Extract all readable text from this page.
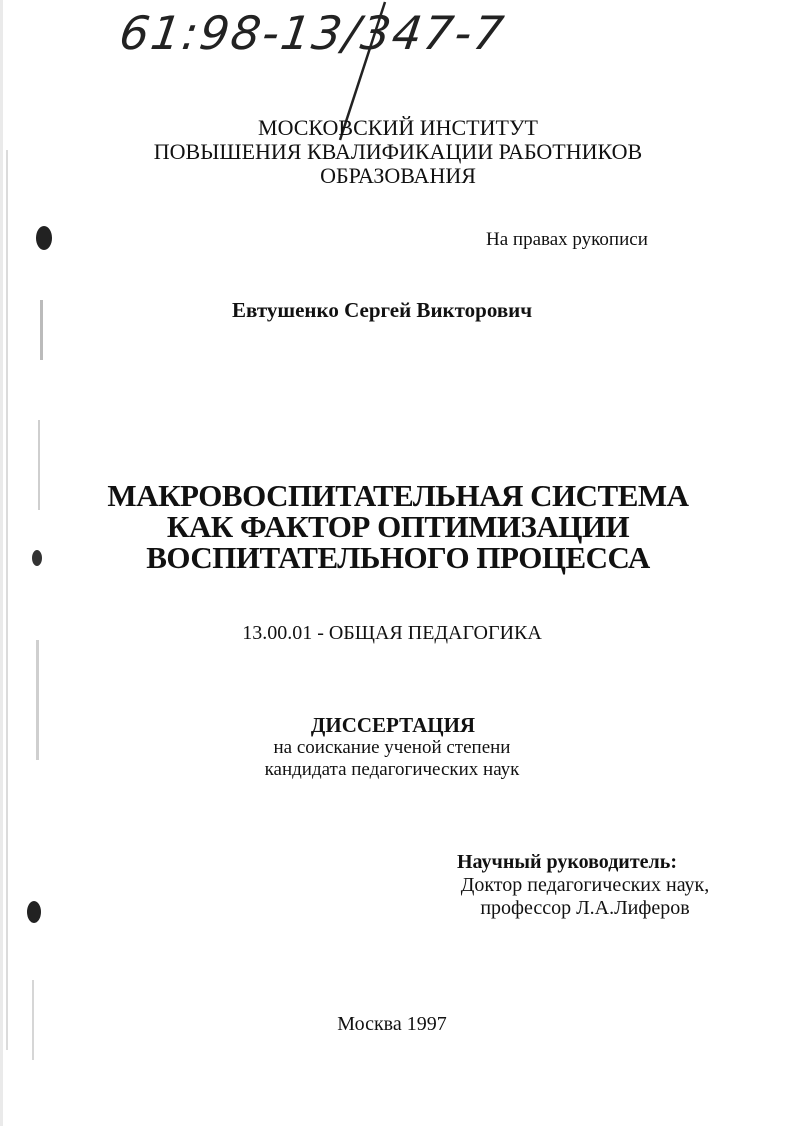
61:98-13/347-7
МОСКОВСКИЙ ИНСТИТУТ
ПОВЫШЕНИЯ КВАЛИФИКАЦИИ РАБОТНИКОВ
ОБРАЗОВАНИЯ
На правах рукописи
Евтушенко Сергей Викторович
МАКРОВОСПИТАТЕЛЬНАЯ СИСТЕМА
КАК ФАКТОР ОПТИМИЗАЦИИ
ВОСПИТАТЕЛЬНОГО ПРОЦЕССА
13.00.01 - ОБЩАЯ ПЕДАГОГИКА
ДИССЕРТАЦИЯ
на соискание ученой степени
кандидата педагогических наук
Научный руководитель:
Доктор педагогических наук,
профессор Л.А.Лиферов
Москва 1997
